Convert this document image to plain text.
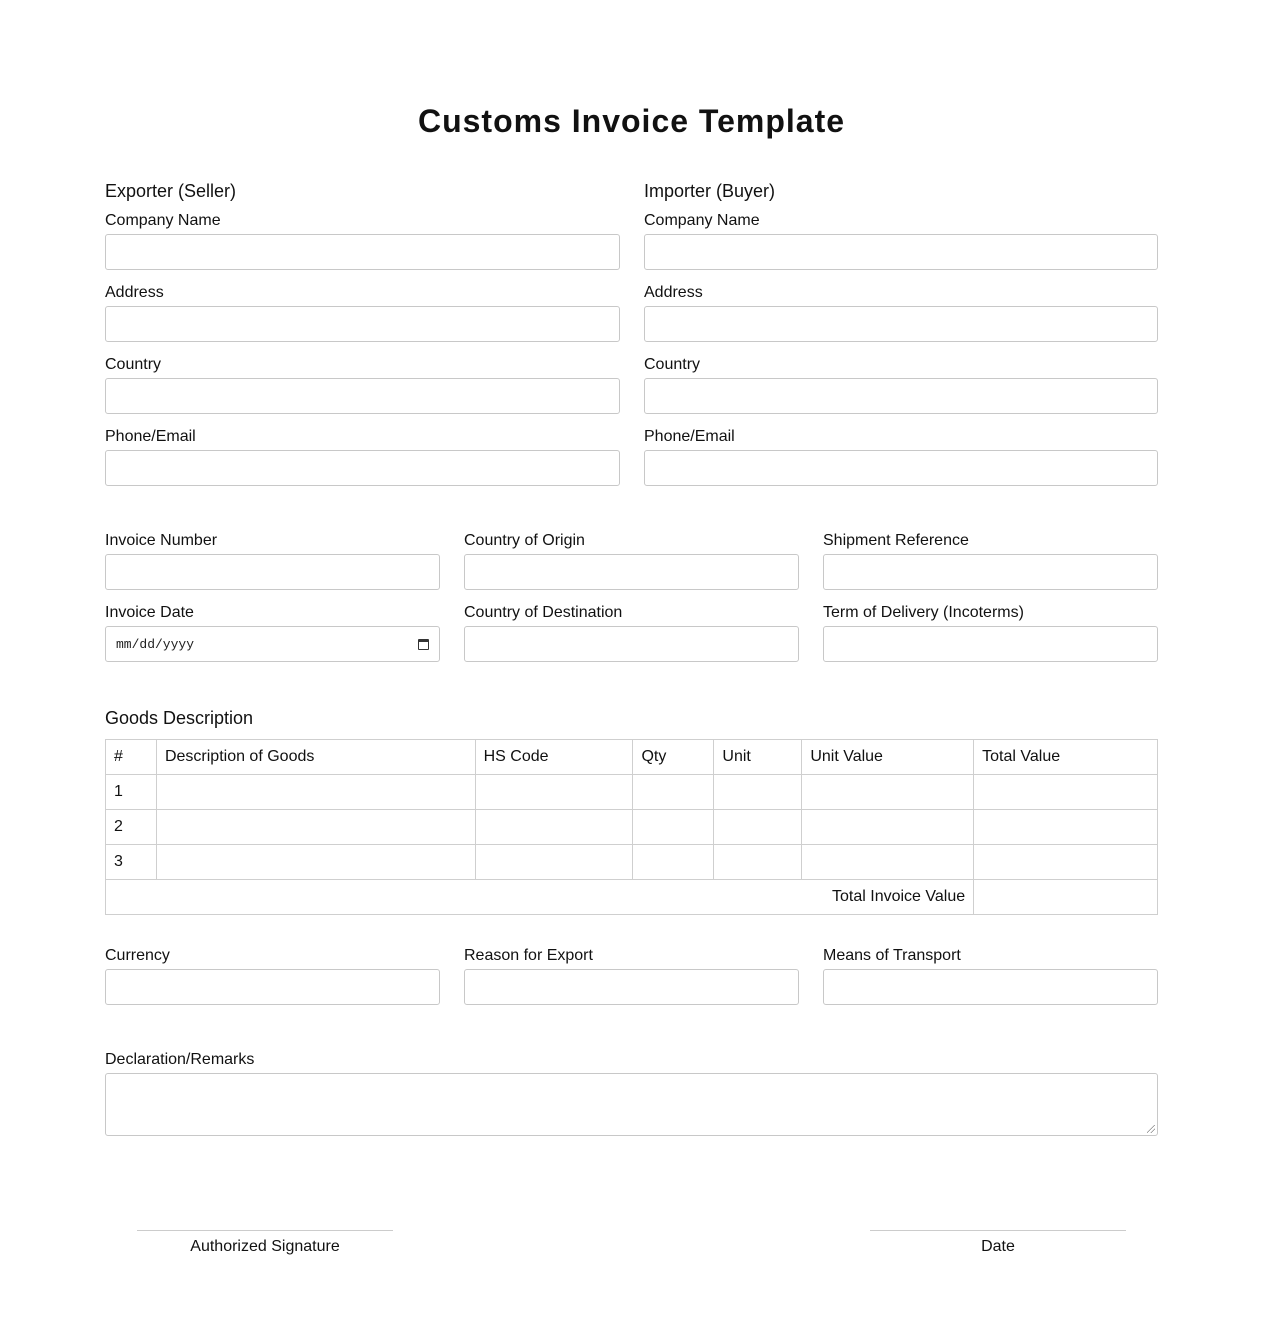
Customs Invoice Template
Exporter (Seller)
Company Name
Address
Country
Phone/Email
Importer (Buyer)
Company Name
Address
Country
Phone/Email
Invoice Number	Country of Origin	Shipment Reference
Invoice Date
mm/dd/yyyy
Country of Destination	Term of Delivery (Incoterms)
Goods Description
#	Description of Goods	HS Code	Qty	Unit	Unit Value	Total Value
1						
2						
3						
Total Invoice Value						
Currency	Reason for Export	Means of Transport
Declaration/Remarks
Authorized Signature	Date
